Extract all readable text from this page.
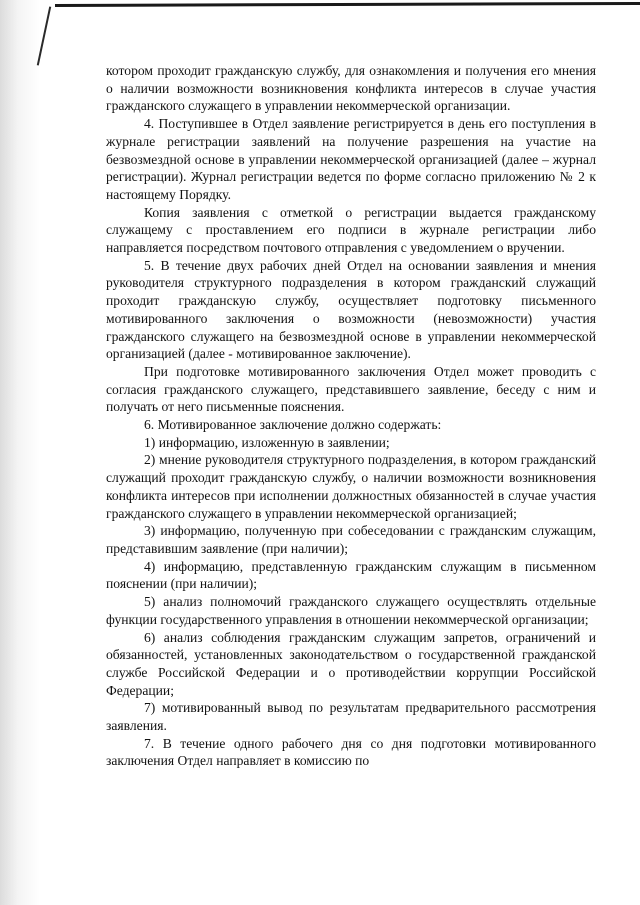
котором проходит гражданскую службу, для ознакомления и получения его мнения о наличии возможности возникновения конфликта интересов в случае участия гражданского служащего в управлении некоммерческой организации.

4. Поступившее в Отдел заявление регистрируется в день его поступления в журнале регистрации заявлений на получение разрешения на участие на безвозмездной основе в управлении некоммерческой организацией (далее – журнал регистрации). Журнал регистрации ведется по форме согласно приложению № 2 к настоящему Порядку.

Копия заявления с отметкой о регистрации выдается гражданскому служащему с проставлением его подписи в журнале регистрации либо направляется посредством почтового отправления с уведомлением о вручении.

5. В течение двух рабочих дней Отдел на основании заявления и мнения руководителя структурного подразделения в котором гражданский служащий проходит гражданскую службу, осуществляет подготовку письменного мотивированного заключения о возможности (невозможности) участия гражданского служащего на безвозмездной основе в управлении некоммерческой организацией (далее - мотивированное заключение).

При подготовке мотивированного заключения Отдел может проводить с согласия гражданского служащего, представившего заявление, беседу с ним и получать от него письменные пояснения.

6. Мотивированное заключение должно содержать:

1) информацию, изложенную в заявлении;

2) мнение руководителя структурного подразделения, в котором гражданский служащий проходит гражданскую службу, о наличии возможности возникновения конфликта интересов при исполнении должностных обязанностей в случае участия гражданского служащего в управлении некоммерческой организацией;

3) информацию, полученную при собеседовании с гражданским служащим, представившим заявление (при наличии);

4) информацию, представленную гражданским служащим в письменном пояснении (при наличии);

5) анализ полномочий гражданского служащего осуществлять отдельные функции государственного управления в отношении некоммерческой организации;

6) анализ соблюдения гражданским служащим запретов, ограничений и обязанностей, установленных законодательством о государственной гражданской службе Российской Федерации и о противодействии коррупции Российской Федерации;

7) мотивированный вывод по результатам предварительного рассмотрения заявления.

7. В течение одного рабочего дня со дня подготовки мотивированного заключения Отдел направляет в комиссию по
